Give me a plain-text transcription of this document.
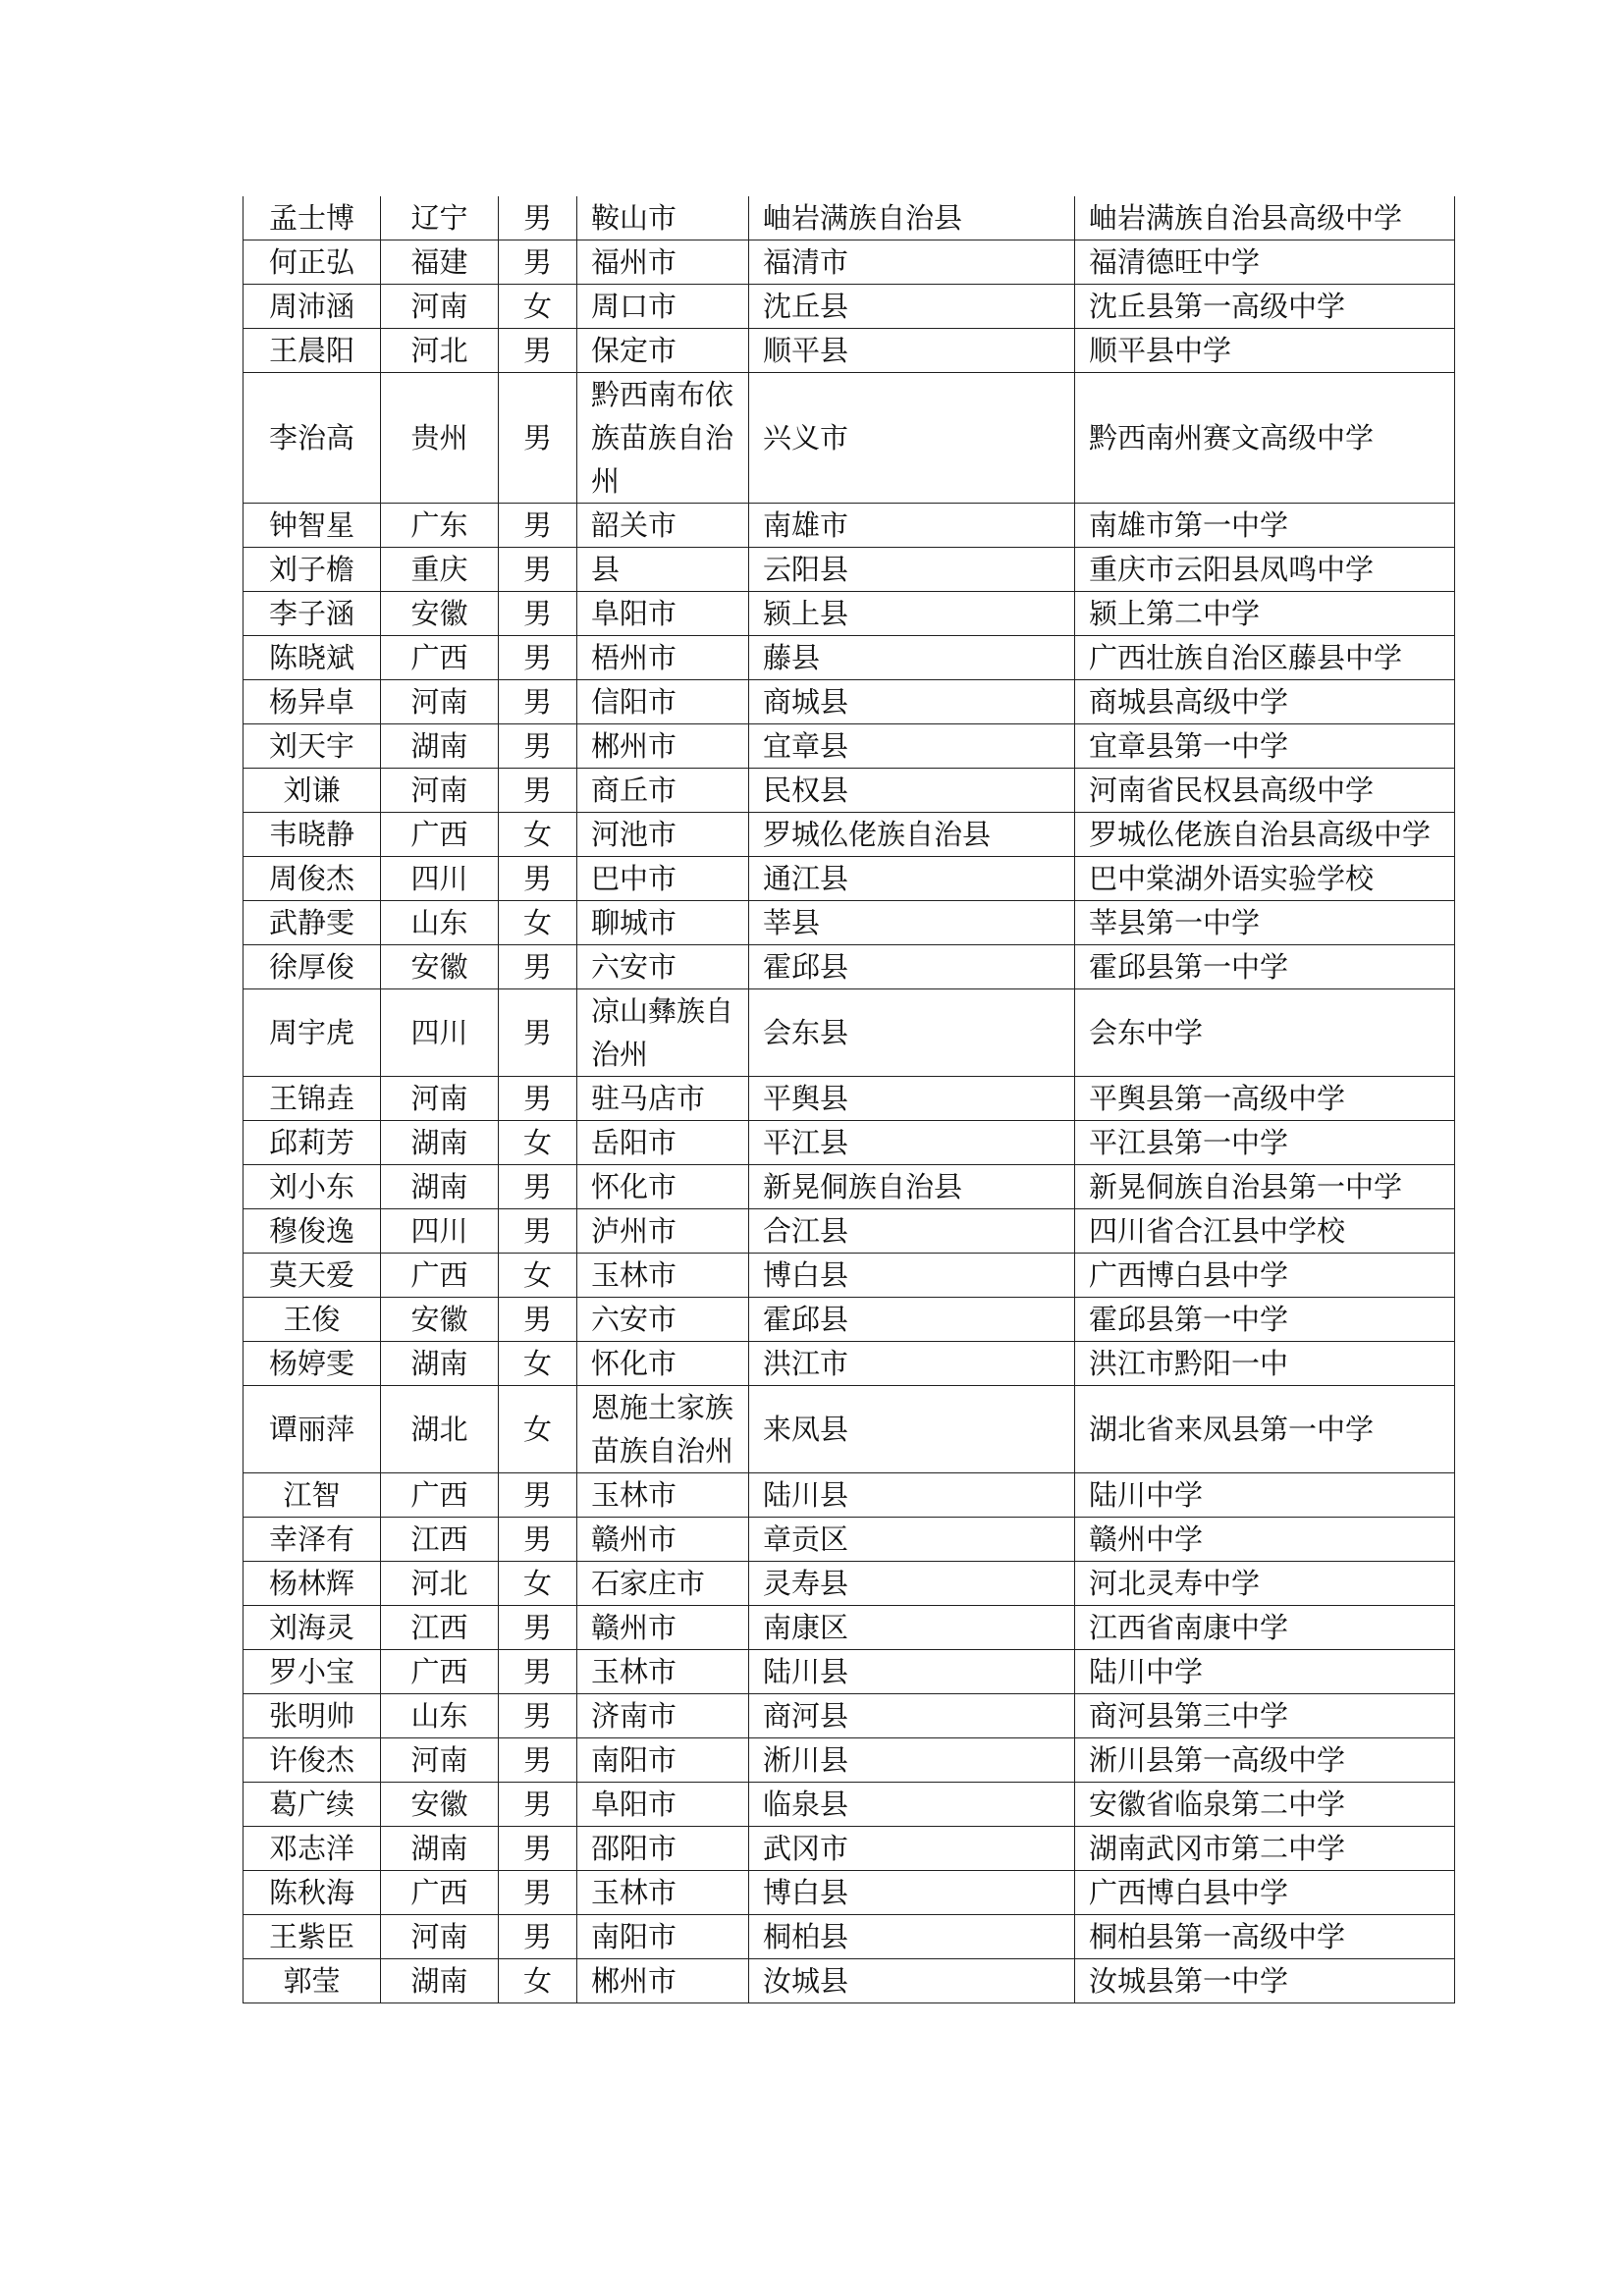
孟士博	辽宁	男	鞍山市	岫岩满族自治县	岫岩满族自治县高级中学
何正弘	福建	男	福州市	福清市	福清德旺中学
周沛涵	河南	女	周口市	沈丘县	沈丘县第一高级中学
王晨阳	河北	男	保定市	顺平县	顺平县中学
李治高	贵州	男	黔西南布依族苗族自治州	兴义市	黔西南州赛文高级中学
钟智星	广东	男	韶关市	南雄市	南雄市第一中学
刘子檐	重庆	男	县	云阳县	重庆市云阳县凤鸣中学
李子涵	安徽	男	阜阳市	颍上县	颍上第二中学
陈晓斌	广西	男	梧州市	藤县	广西壮族自治区藤县中学
杨异卓	河南	男	信阳市	商城县	商城县高级中学
刘天宇	湖南	男	郴州市	宜章县	宜章县第一中学
刘谦	河南	男	商丘市	民权县	河南省民权县高级中学
韦晓静	广西	女	河池市	罗城仫佬族自治县	罗城仫佬族自治县高级中学
周俊杰	四川	男	巴中市	通江县	巴中棠湖外语实验学校
武静雯	山东	女	聊城市	莘县	莘县第一中学
徐厚俊	安徽	男	六安市	霍邱县	霍邱县第一中学
周宇虎	四川	男	凉山彝族自治州	会东县	会东中学
王锦垚	河南	男	驻马店市	平舆县	平舆县第一高级中学
邱莉芳	湖南	女	岳阳市	平江县	平江县第一中学
刘小东	湖南	男	怀化市	新晃侗族自治县	新晃侗族自治县第一中学
穆俊逸	四川	男	泸州市	合江县	四川省合江县中学校
莫天爱	广西	女	玉林市	博白县	广西博白县中学
王俊	安徽	男	六安市	霍邱县	霍邱县第一中学
杨婷雯	湖南	女	怀化市	洪江市	洪江市黔阳一中
谭丽萍	湖北	女	恩施土家族苗族自治州	来凤县	湖北省来凤县第一中学
江智	广西	男	玉林市	陆川县	陆川中学
幸泽有	江西	男	赣州市	章贡区	赣州中学
杨林辉	河北	女	石家庄市	灵寿县	河北灵寿中学
刘海灵	江西	男	赣州市	南康区	江西省南康中学
罗小宝	广西	男	玉林市	陆川县	陆川中学
张明帅	山东	男	济南市	商河县	商河县第三中学
许俊杰	河南	男	南阳市	淅川县	淅川县第一高级中学
葛广续	安徽	男	阜阳市	临泉县	安徽省临泉第二中学
邓志洋	湖南	男	邵阳市	武冈市	湖南武冈市第二中学
陈秋海	广西	男	玉林市	博白县	广西博白县中学
王紫臣	河南	男	南阳市	桐柏县	桐柏县第一高级中学
郭莹	湖南	女	郴州市	汝城县	汝城县第一中学
